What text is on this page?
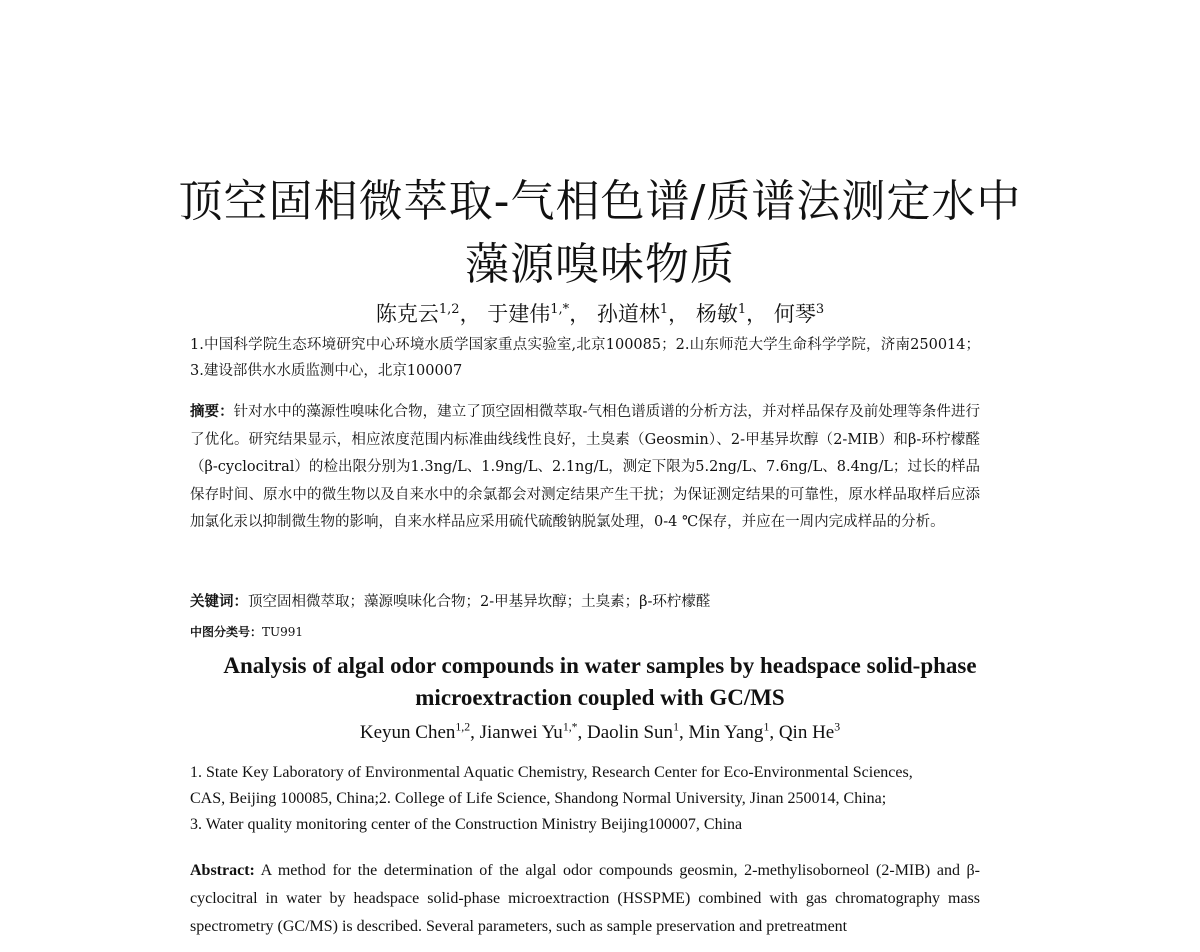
顶空固相微萃取-气相色谱/质谱法测定水中
藻源嗅味物质
陈克云$^{1,2}$， 于建伟$^{1,*}$， 孙道林$^1$， 杨敏$^1$， 何琴$^3$
1.中国科学院生态环境研究中心环境水质学国家重点实验室,北京100085；2.山东师范大学生命科学学院，济南250014；3.建设部供水水质监测中心，北京100007
摘要：针对水中的藻源性嗅味化合物，建立了顶空固相微萃取-气相色谱质谱的分析方法，并对样品保存及前处理等条件进行了优化。研究结果显示，相应浓度范围内标准曲线线性良好，土臭素（Geosmin）、2-甲基异坎醇（2-MIB）和β-环柠檬醛（β-cyclocitral）的检出限分别为1.3ng/L、1.9ng/L、2.1ng/L，测定下限为5.2ng/L、7.6ng/L、8.4ng/L；过长的样品保存时间、原水中的微生物以及自来水中的余氯都会对测定结果产生干扰；为保证测定结果的可靠性，原水样品取样后应添加氯化汞以抑制微生物的影响，自来水样品应采用硫代硫酸钠脱氯处理，0-4 ℃保存，并应在一周内完成样品的分析。
关键词：顶空固相微萃取；藻源嗅味化合物；2-甲基异坎醇；土臭素；β-环柠檬醛
中图分类号：TU991
Analysis of algal odor compounds in water samples by headspace solid-phase
microextraction coupled with GC/MS
Keyun Chen$^{1,2}$, Jianwei $Yu^{1,*}$, Daolin Sun$^1$, Min Yang$^1$, Qin He$^3$
1. State Key Laboratory of Environmental Aquatic Chemistry, Research Center for Eco-Environmental Sciences,
CAS, Beijing 100085, China;2. College of Life Science, Shandong Normal University, Jinan 250014, China;
3. Water quality monitoring center of the Construction Ministry Beijing100007, China
Abstract: A method for the determination of the algal odor compounds geosmin, 2-methylisoborneol (2-MIB) and β-cyclocitral in water by headspace solid-phase microextraction (HSSPME) combined with gas chromatography mass spectrometry (GC/MS) is described. Several parameters, such as sample preservation and pretreatment
